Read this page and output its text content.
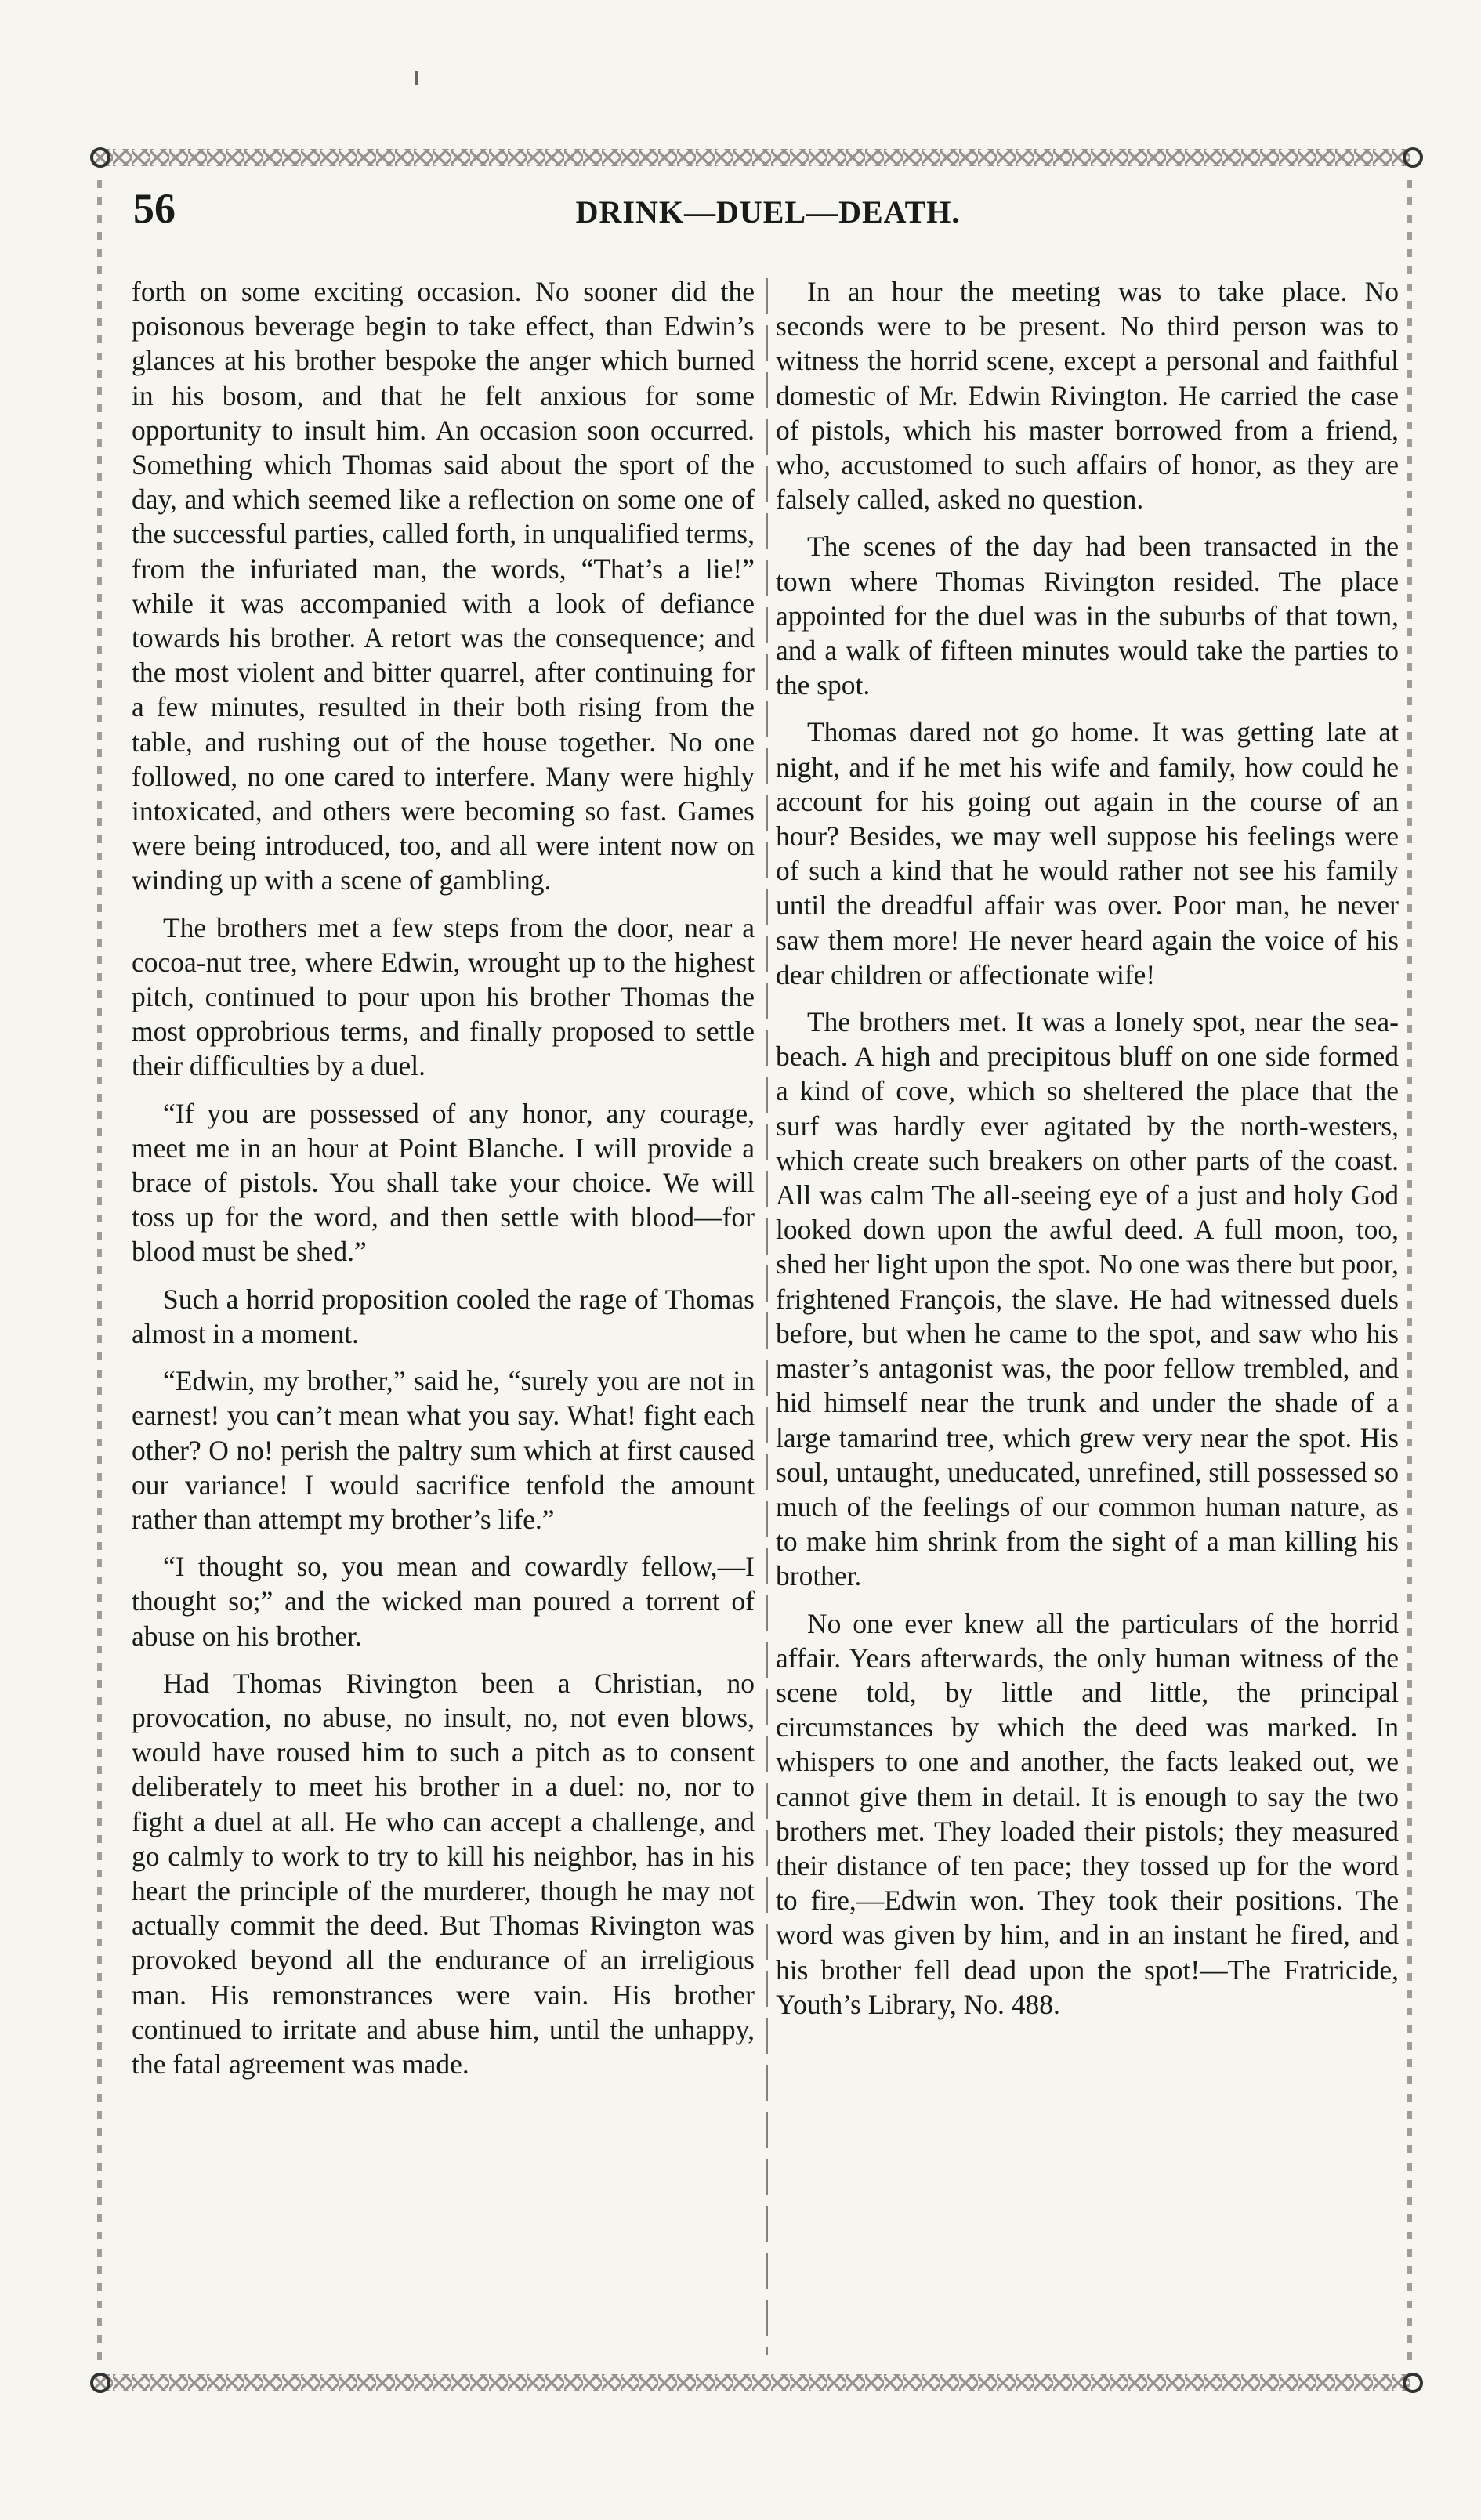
56	DRINK—DUEL—DEATH.

forth on some exciting occasion. No sooner did the poisonous beverage begin to take effect, than Edwin’s glances at his brother bespoke the anger which burned in his bosom, and that he felt anxious for some opportunity to insult him. An occasion soon occurred. Something which Thomas said about the sport of the day, and which seemed like a reflection on some one of the successful parties, called forth, in unqualified terms, from the infuriated man, the words, “That’s a lie!” while it was accompanied with a look of defiance towards his brother. A retort was the consequence; and the most violent and bitter quarrel, after continuing for a few minutes, resulted in their both rising from the table, and rushing out of the house together. No one followed, no one cared to interfere. Many were highly intoxicated, and others were becoming so fast. Games were being introduced, too, and all were intent now on winding up with a scene of gambling.

The brothers met a few steps from the door, near a cocoa-nut tree, where Edwin, wrought up to the highest pitch, continued to pour upon his brother Thomas the most opprobrious terms, and finally proposed to settle their difficulties by a duel.

“If you are possessed of any honor, any courage, meet me in an hour at Point Blanche. I will provide a brace of pistols. You shall take your choice. We will toss up for the word, and then settle with blood—for blood must be shed.”

Such a horrid proposition cooled the rage of Thomas almost in a moment.

“Edwin, my brother,” said he, “surely you are not in earnest! you can’t mean what you say. What! fight each other? O no! perish the paltry sum which at first caused our variance! I would sacrifice tenfold the amount rather than attempt my brother’s life.”

“I thought so, you mean and cowardly fellow,—I thought so;” and the wicked man poured a torrent of abuse on his brother.

Had Thomas Rivington been a Christian, no provocation, no abuse, no insult, no, not even blows, would have roused him to such a pitch as to consent deliberately to meet his brother in a duel: no, nor to fight a duel at all. He who can accept a challenge, and go calmly to work to try to kill his neighbor, has in his heart the principle of the murderer, though he may not actually commit the deed. But Thomas Rivington was provoked beyond all the endurance of an irreligious man. His remonstrances were vain. His brother continued to irritate and abuse him, until the unhappy, the fatal agreement was made.

In an hour the meeting was to take place. No seconds were to be present. No third person was to witness the horrid scene, except a personal and faithful domestic of Mr. Edwin Rivington. He carried the case of pistols, which his master borrowed from a friend, who, accustomed to such affairs of honor, as they are falsely called, asked no question.

The scenes of the day had been transacted in the town where Thomas Rivington resided. The place appointed for the duel was in the suburbs of that town, and a walk of fifteen minutes would take the parties to the spot.

Thomas dared not go home. It was getting late at night, and if he met his wife and family, how could he account for his going out again in the course of an hour? Besides, we may well suppose his feelings were of such a kind that he would rather not see his family until the dreadful affair was over. Poor man, he never saw them more! He never heard again the voice of his dear children or affectionate wife!

The brothers met. It was a lonely spot, near the sea-beach. A high and precipitous bluff on one side formed a kind of cove, which so sheltered the place that the surf was hardly ever agitated by the north-westers, which create such breakers on other parts of the coast. All was calm The all-seeing eye of a just and holy God looked down upon the awful deed. A full moon, too, shed her light upon the spot. No one was there but poor, frightened François, the slave. He had witnessed duels before, but when he came to the spot, and saw who his master’s antagonist was, the poor fellow trembled, and hid himself near the trunk and under the shade of a large tamarind tree, which grew very near the spot. His soul, untaught, uneducated, unrefined, still possessed so much of the feelings of our common human nature, as to make him shrink from the sight of a man killing his brother.

No one ever knew all the particulars of the horrid affair. Years afterwards, the only human witness of the scene told, by little and little, the principal circumstances by which the deed was marked. In whispers to one and another, the facts leaked out, we cannot give them in detail. It is enough to say the two brothers met. They loaded their pistols; they measured their distance of ten pace; they tossed up for the word to fire,—Edwin won. They took their positions. The word was given by him, and in an instant he fired, and his brother fell dead upon the spot!—The Fratricide, Youth’s Library, No. 488.
